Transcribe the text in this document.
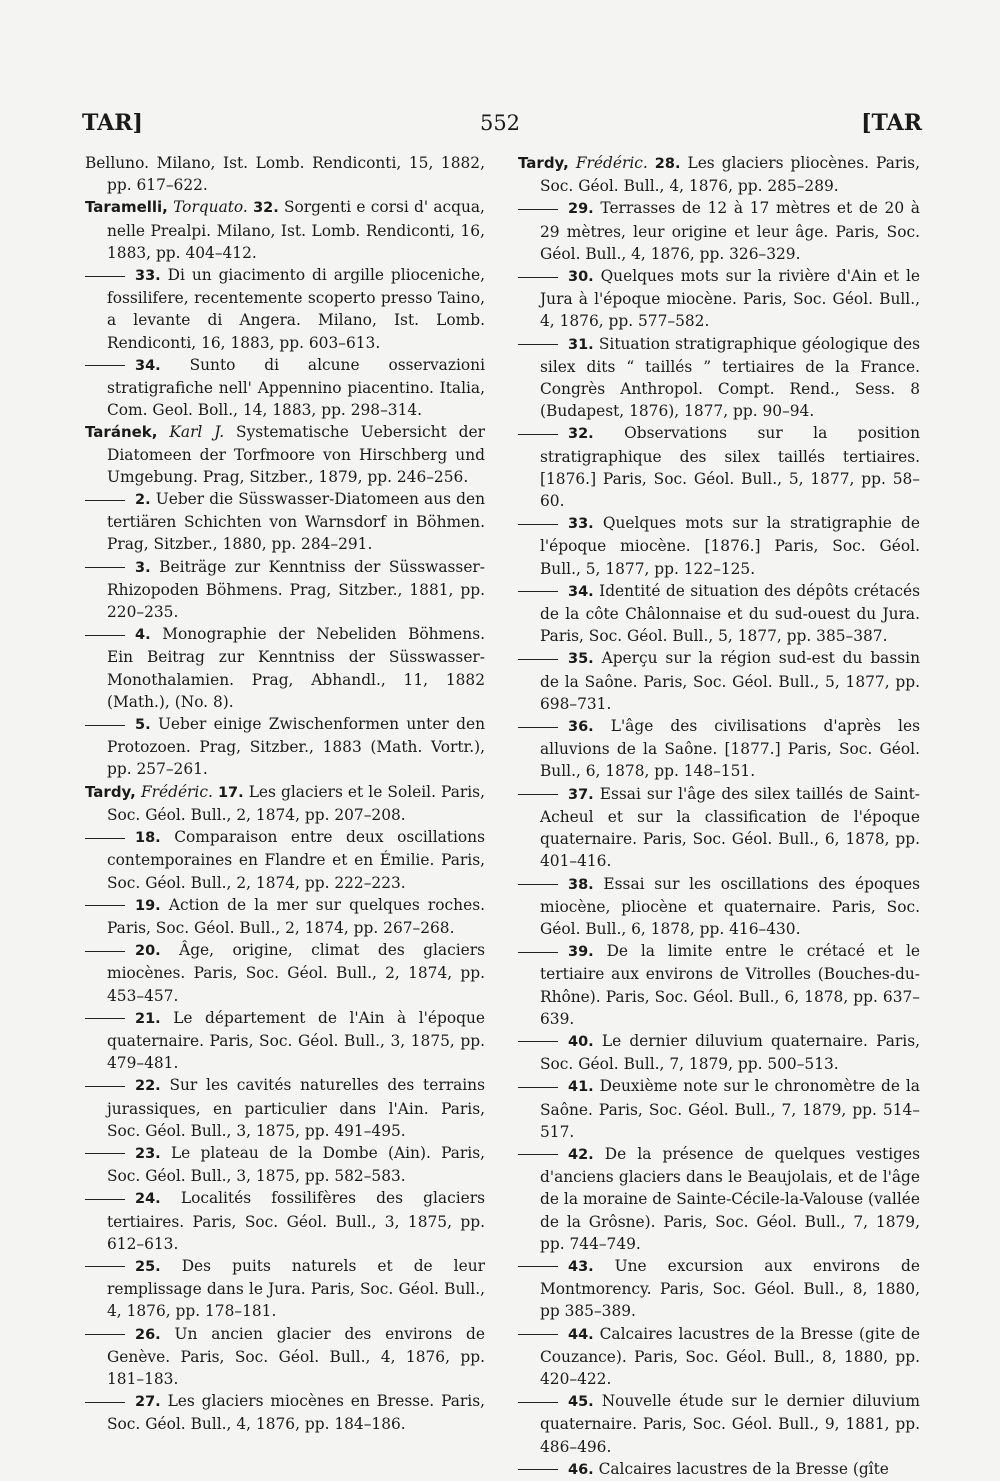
TAR]	552	[TAR
Belluno. Milano, Ist. Lomb. Rendiconti, 15, 1882, pp. 617–622.
Taramelli, Torquato. 32. Sorgenti e corsi d' acqua, nelle Prealpi. Milano, Ist. Lomb. Rendiconti, 16, 1883, pp. 404–412.
33. Di un giacimento di argille plioceniche, fossilifere, recentemente scoperto presso Taino, a levante di Angera. Milano, Ist. Lomb. Rendiconti, 16, 1883, pp. 603–613.
34. Sunto di alcune osservazioni stratigrafiche nell' Appennino piacentino. Italia, Com. Geol. Boll., 14, 1883, pp. 298–314.
Taránek, Karl J. Systematische Uebersicht der Diatomeen der Torfmoore von Hirschberg und Umgebung. Prag, Sitzber., 1879, pp. 246–256.
2. Ueber die Süsswasser-Diatomeen aus den tertiären Schichten von Warnsdorf in Böhmen. Prag, Sitzber., 1880, pp. 284–291.
3. Beiträge zur Kenntniss der Süsswasser-Rhizopoden Böhmens. Prag, Sitzber., 1881, pp. 220–235.
4. Monographie der Nebeliden Böhmens. Ein Beitrag zur Kenntniss der Süsswasser-Monothalamien. Prag, Abhandl., 11, 1882 (Math.), (No. 8).
5. Ueber einige Zwischenformen unter den Protozoen. Prag, Sitzber., 1883 (Math. Vortr.), pp. 257–261.
Tardy, Frédéric. 17. Les glaciers et le Soleil. Paris, Soc. Géol. Bull., 2, 1874, pp. 207–208.
18. Comparaison entre deux oscillations contemporaines en Flandre et en Émilie. Paris, Soc. Géol. Bull., 2, 1874, pp. 222–223.
19. Action de la mer sur quelques roches. Paris, Soc. Géol. Bull., 2, 1874, pp. 267–268.
20. Âge, origine, climat des glaciers miocènes. Paris, Soc. Géol. Bull., 2, 1874, pp. 453–457.
21. Le département de l'Ain à l'époque quaternaire. Paris, Soc. Géol. Bull., 3, 1875, pp. 479–481.
22. Sur les cavités naturelles des terrains jurassiques, en particulier dans l'Ain. Paris, Soc. Géol. Bull., 3, 1875, pp. 491–495.
23. Le plateau de la Dombe (Ain). Paris, Soc. Géol. Bull., 3, 1875, pp. 582–583.
24. Localités fossilifères des glaciers tertiaires. Paris, Soc. Géol. Bull., 3, 1875, pp. 612–613.
25. Des puits naturels et de leur remplissage dans le Jura. Paris, Soc. Géol. Bull., 4, 1876, pp. 178–181.
26. Un ancien glacier des environs de Genève. Paris, Soc. Géol. Bull., 4, 1876, pp. 181–183.
27. Les glaciers miocènes en Bresse. Paris, Soc. Géol. Bull., 4, 1876, pp. 184–186.
Tardy, Frédéric. 28. Les glaciers pliocènes. Paris, Soc. Géol. Bull., 4, 1876, pp. 285–289.
29. Terrasses de 12 à 17 mètres et de 20 à 29 mètres, leur origine et leur âge. Paris, Soc. Géol. Bull., 4, 1876, pp. 326–329.
30. Quelques mots sur la rivière d'Ain et le Jura à l'époque miocène. Paris, Soc. Géol. Bull., 4, 1876, pp. 577–582.
31. Situation stratigraphique géologique des silex dits “ taillés ” tertiaires de la France. Congrès Anthropol. Compt. Rend., Sess. 8 (Budapest, 1876), 1877, pp. 90–94.
32. Observations sur la position stratigraphique des silex taillés tertiaires. [1876.] Paris, Soc. Géol. Bull., 5, 1877, pp. 58–60.
33. Quelques mots sur la stratigraphie de l'époque miocène. [1876.] Paris, Soc. Géol. Bull., 5, 1877, pp. 122–125.
34. Identité de situation des dépôts crétacés de la côte Châlonnaise et du sud-ouest du Jura. Paris, Soc. Géol. Bull., 5, 1877, pp. 385–387.
35. Aperçu sur la région sud-est du bassin de la Saône. Paris, Soc. Géol. Bull., 5, 1877, pp. 698–731.
36. L'âge des civilisations d'après les alluvions de la Saône. [1877.] Paris, Soc. Géol. Bull., 6, 1878, pp. 148–151.
37. Essai sur l'âge des silex taillés de Saint-Acheul et sur la classification de l'époque quaternaire. Paris, Soc. Géol. Bull., 6, 1878, pp. 401–416.
38. Essai sur les oscillations des époques miocène, pliocène et quaternaire. Paris, Soc. Géol. Bull., 6, 1878, pp. 416–430.
39. De la limite entre le crétacé et le tertiaire aux environs de Vitrolles (Bouches-du-Rhône). Paris, Soc. Géol. Bull., 6, 1878, pp. 637–639.
40. Le dernier diluvium quaternaire. Paris, Soc. Géol. Bull., 7, 1879, pp. 500–513.
41. Deuxième note sur le chronomètre de la Saône. Paris, Soc. Géol. Bull., 7, 1879, pp. 514–517.
42. De la présence de quelques vestiges d'anciens glaciers dans le Beaujolais, et de l'âge de la moraine de Sainte-Cécile-la-Valouse (vallée de la Grôsne). Paris, Soc. Géol. Bull., 7, 1879, pp. 744–749.
43. Une excursion aux environs de Montmorency. Paris, Soc. Géol. Bull., 8, 1880, pp 385–389.
44. Calcaires lacustres de la Bresse (gite de Couzance). Paris, Soc. Géol. Bull., 8, 1880, pp. 420–422.
45. Nouvelle étude sur le dernier diluvium quaternaire. Paris, Soc. Géol. Bull., 9, 1881, pp. 486–496.
46. Calcaires lacustres de la Bresse (gîte
